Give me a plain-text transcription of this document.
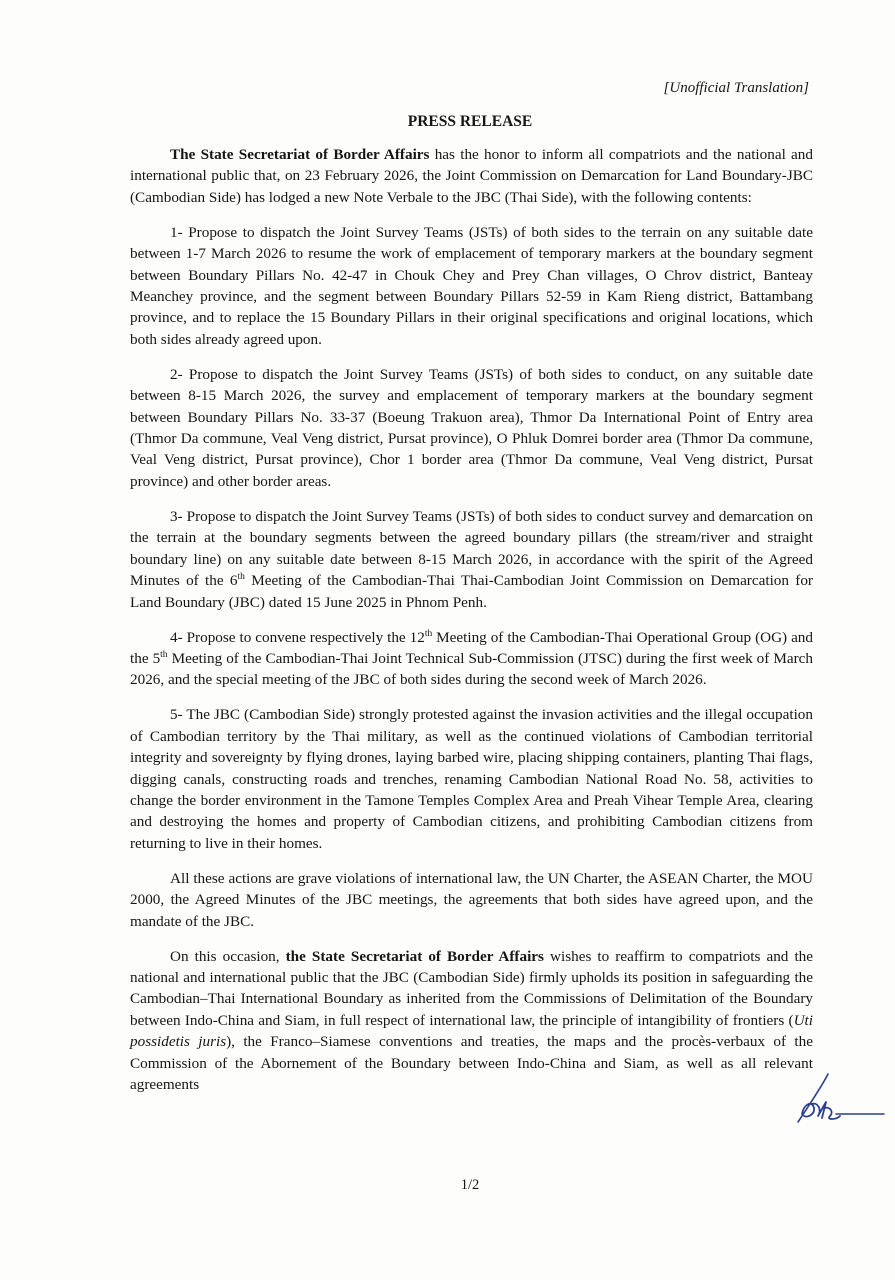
[Unofficial Translation]
PRESS RELEASE

The State Secretariat of Border Affairs has the honor to inform all compatriots and the national and international public that, on 23 February 2026, the Joint Commission on Demarcation for Land Boundary-JBC (Cambodian Side) has lodged a new Note Verbale to the JBC (Thai Side), with the following contents:

1- Propose to dispatch the Joint Survey Teams (JSTs) of both sides to the terrain on any suitable date between 1-7 March 2026 to resume the work of emplacement of temporary markers at the boundary segment between Boundary Pillars No. 42-47 in Chouk Chey and Prey Chan villages, O Chrov district, Banteay Meanchey province, and the segment between Boundary Pillars 52-59 in Kam Rieng district, Battambang province, and to replace the 15 Boundary Pillars in their original specifications and original locations, which both sides already agreed upon.

2- Propose to dispatch the Joint Survey Teams (JSTs) of both sides to conduct, on any suitable date between 8-15 March 2026, the survey and emplacement of temporary markers at the boundary segment between Boundary Pillars No. 33-37 (Boeung Trakuon area), Thmor Da International Point of Entry area (Thmor Da commune, Veal Veng district, Pursat province), O Phluk Domrei border area (Thmor Da commune, Veal Veng district, Pursat province), Chor 1 border area (Thmor Da commune, Veal Veng district, Pursat province) and other border areas.

3- Propose to dispatch the Joint Survey Teams (JSTs) of both sides to conduct survey and demarcation on the terrain at the boundary segments between the agreed boundary pillars (the stream/river and straight boundary line) on any suitable date between 8-15 March 2026, in accordance with the spirit of the Agreed Minutes of the 6th Meeting of the Cambodian-Thai Thai-Cambodian Joint Commission on Demarcation for Land Boundary (JBC) dated 15 June 2025 in Phnom Penh.

4- Propose to convene respectively the 12th Meeting of the Cambodian-Thai Operational Group (OG) and the 5th Meeting of the Cambodian-Thai Joint Technical Sub-Commission (JTSC) during the first week of March 2026, and the special meeting of the JBC of both sides during the second week of March 2026.

5- The JBC (Cambodian Side) strongly protested against the invasion activities and the illegal occupation of Cambodian territory by the Thai military, as well as the continued violations of Cambodian territorial integrity and sovereignty by flying drones, laying barbed wire, placing shipping containers, planting Thai flags, digging canals, constructing roads and trenches, renaming Cambodian National Road No. 58, activities to change the border environment in the Tamone Temples Complex Area and Preah Vihear Temple Area, clearing and destroying the homes and property of Cambodian citizens, and prohibiting Cambodian citizens from returning to live in their homes.

All these actions are grave violations of international law, the UN Charter, the ASEAN Charter, the MOU 2000, the Agreed Minutes of the JBC meetings, the agreements that both sides have agreed upon, and the mandate of the JBC.

On this occasion, the State Secretariat of Border Affairs wishes to reaffirm to compatriots and the national and international public that the JBC (Cambodian Side) firmly upholds its position in safeguarding the Cambodian–Thai International Boundary as inherited from the Commissions of Delimitation of the Boundary between Indo-China and Siam, in full respect of international law, the principle of intangibility of frontiers (Uti possidetis juris), the Franco–Siamese conventions and treaties, the maps and the procès-verbaux of the Commission of the Abornement of the Boundary between Indo-China and Siam, as well as all relevant agreements

1/2
